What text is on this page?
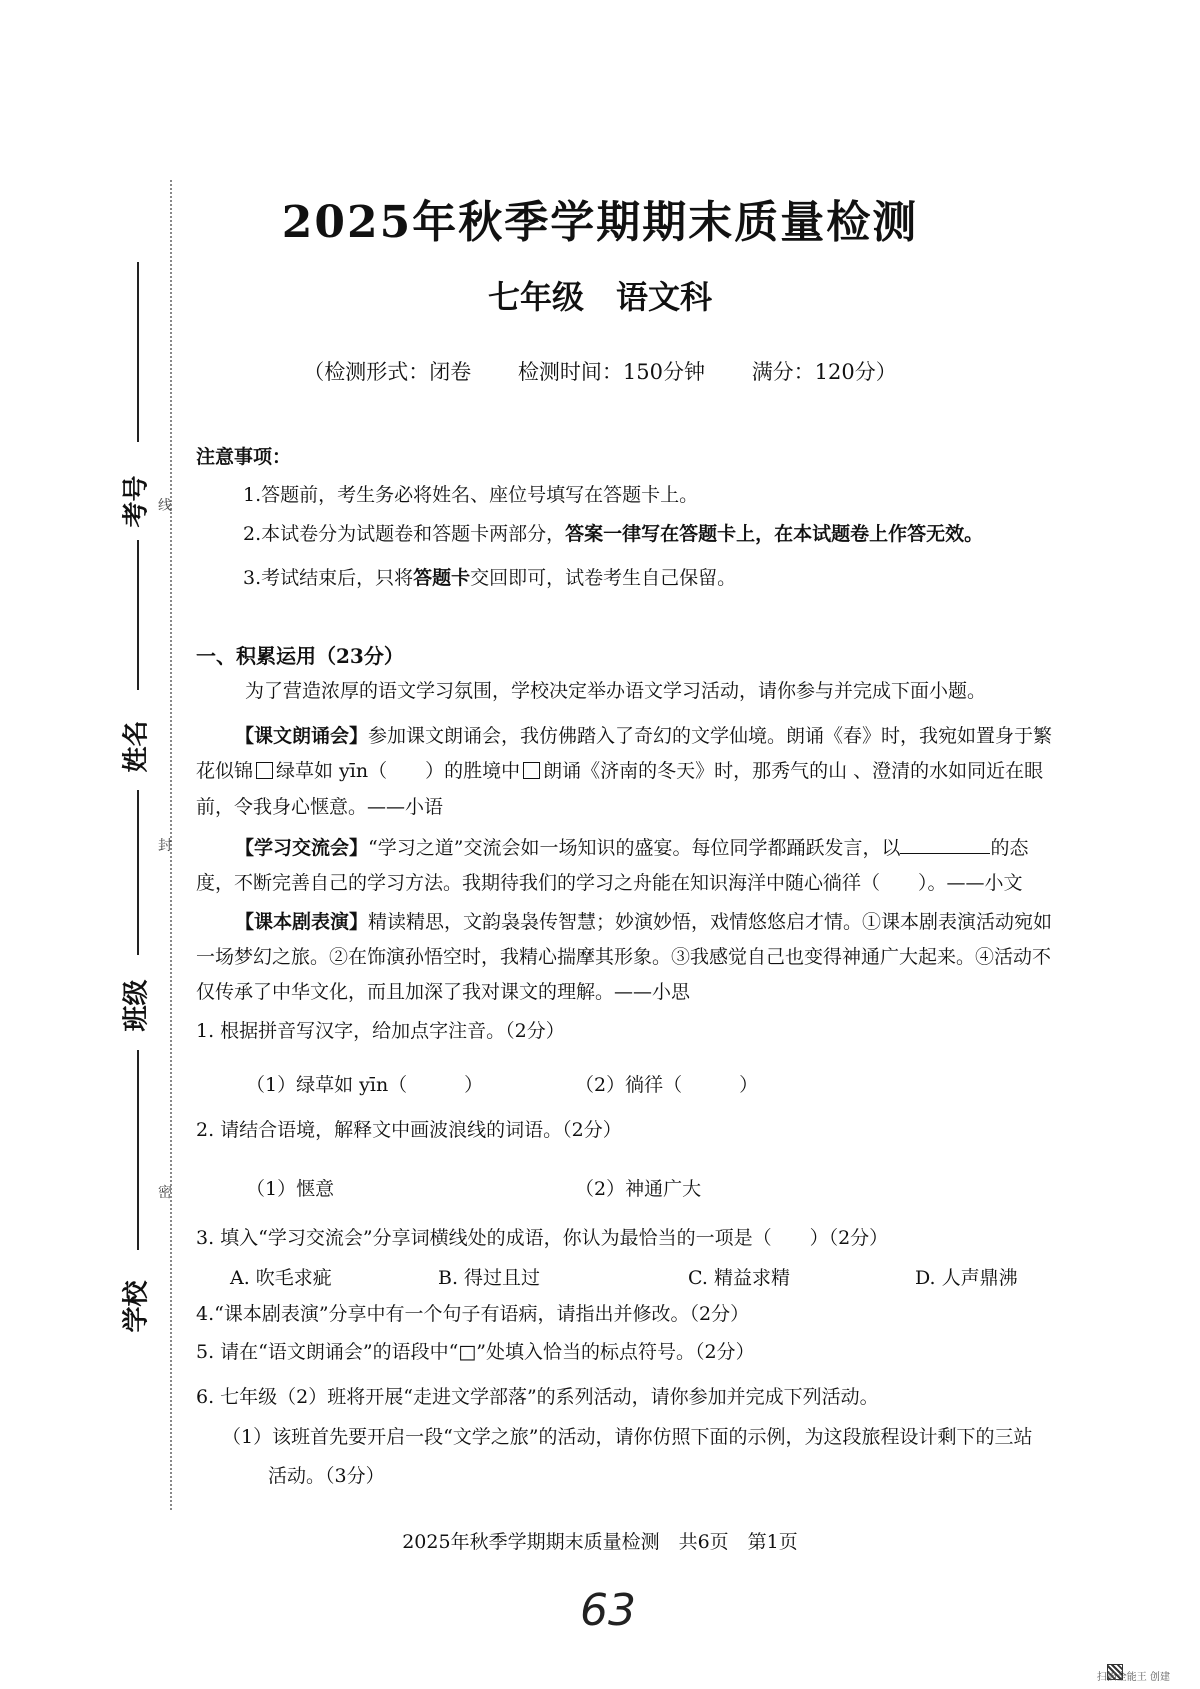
线
封
密
考号
姓名
班级
学校
2025年秋季学期期末质量检测
七年级　语文科
（检测形式：闭卷 检测时间：150分钟 满分：120分）
注意事项：
1.答题前，考生务必将姓名、座位号填写在答题卡上。
2.本试卷分为试题卷和答题卡两部分，答案一律写在答题卡上，在本试题卷上作答无效。
3.考试结束后，只将答题卡交回即可，试卷考生自己保留。
一、积累运用（23分）
为了营造浓厚的语文学习氛围，学校决定举办语文学习活动，请你参与并完成下面小题。
【课文朗诵会】参加课文朗诵会，我仿佛踏入了奇幻的文学仙境。朗诵《春》时，我宛如置身于繁
花似锦 绿草如 yīn（　　）的胜境中 朗诵《济南的冬天》时，那秀气的山 、澄清的水如同近在眼
前，令我身心惬意。——小语
【学习交流会】“学习之道”交流会如一场知识的盛宴。每位同学都踊跃发言，以	的态
度，不断完善自己的学习方法。我期待我们的学习之舟能在知识海洋中随心徜徉（　　）。——小文
【课本剧表演】精读精思，文韵袅袅传智慧；妙演妙悟，戏情悠悠启才情。①课本剧表演活动宛如
一场梦幻之旅。②在饰演孙悟空时，我精心揣摩其形象。③我感觉自己也变得神通广大起来。④活动不
仅传承了中华文化，而且加深了我对课文的理解。——小思
1. 根据拼音写汉字，给加点字注音。（2分）
（1）绿草如 yīn（　　　）	（2）徜徉（　　　）
2. 请结合语境，解释文中画波浪线的词语。（2分）
（1）惬意	（2）神通广大
3. 填入“学习交流会”分享词横线处的成语，你认为最恰当的一项是（　　）（2分）
A. 吹毛求疵	B. 得过且过	C. 精益求精	D. 人声鼎沸
4.“课本剧表演”分享中有一个句子有语病，请指出并修改。（2分）
5. 请在“语文朗诵会”的语段中“□”处填入恰当的标点符号。（2分）
6. 七年级（2）班将开展“走进文学部落”的系列活动，请你参加并完成下列活动。
（1）该班首先要开启一段“文学之旅”的活动，请你仿照下面的示例，为这段旅程设计剩下的三站
活动。（3分）
2025年秋季学期期末质量检测　共6页　第1页
63
扫描全能王 创建
